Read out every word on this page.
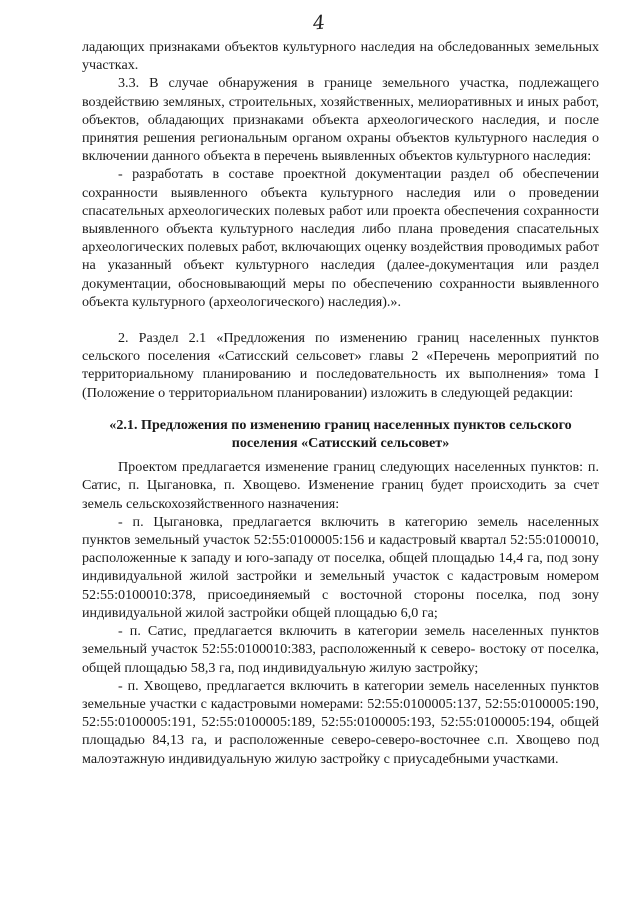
4

ладающих признаками объектов культурного наследия на обследованных земельных участках.

3.3. В случае обнаружения в границе земельного участка, подлежащего воздействию земляных, строительных, хозяйственных, мелиоративных и иных работ, объектов, обладающих признаками объекта археологического наследия, и после принятия решения региональным органом охраны объектов культурного наследия о включении данного объекта в перечень выявленных объектов культурного наследия:

- разработать в составе проектной документации раздел об обеспечении сохранности выявленного объекта культурного наследия или о проведении спасательных археологических полевых работ или проекта обеспечения сохранности выявленного объекта культурного наследия либо плана проведения спасательных археологических полевых работ, включающих оценку воздействия проводимых работ на указанный объект культурного наследия (далее-документация или раздел документации, обосновывающий меры по обеспечению сохранности выявленного объекта культурного (археологического) наследия).».

2. Раздел 2.1 «Предложения по изменению границ населенных пунктов сельского поселения «Сатисский сельсовет» главы 2 «Перечень мероприятий по территориальному планированию и последовательность их выполнения» тома I (Положение о территориальном планировании) изложить в следующей редакции:

«2.1. Предложения по изменению границ населенных пунктов сельского поселения «Сатисский сельсовет»

Проектом предлагается изменение границ следующих населенных пунктов: п. Сатис, п. Цыгановка, п. Хвощево. Изменение границ будет происходить за счет земель сельскохозяйственного назначения:

- п. Цыгановка, предлагается включить в категорию земель населенных пунктов земельный участок 52:55:0100005:156 и кадастровый квартал 52:55:0100010, расположенные к западу и юго-западу от поселка, общей площадью 14,4 га, под зону индивидуальной жилой застройки и земельный участок с кадастровым номером 52:55:0100010:378, присоединяемый с восточной стороны поселка, под зону индивидуальной жилой застройки общей площадью 6,0 га;

- п. Сатис, предлагается включить в категории земель населенных пунктов земельный участок 52:55:0100010:383, расположенный к северо- востоку от поселка, общей площадью 58,3 га, под индивидуальную жилую застройку;

- п. Хвощево, предлагается включить в категории земель населенных пунктов земельные участки с кадастровыми номерами: 52:55:0100005:137, 52:55:0100005:190, 52:55:0100005:191, 52:55:0100005:189, 52:55:0100005:193, 52:55:0100005:194, общей площадью 84,13 га, и расположенные северо-северо-восточнее с.п. Хвощево под малоэтажную индивидуальную жилую застройку с приусадебными участками.
